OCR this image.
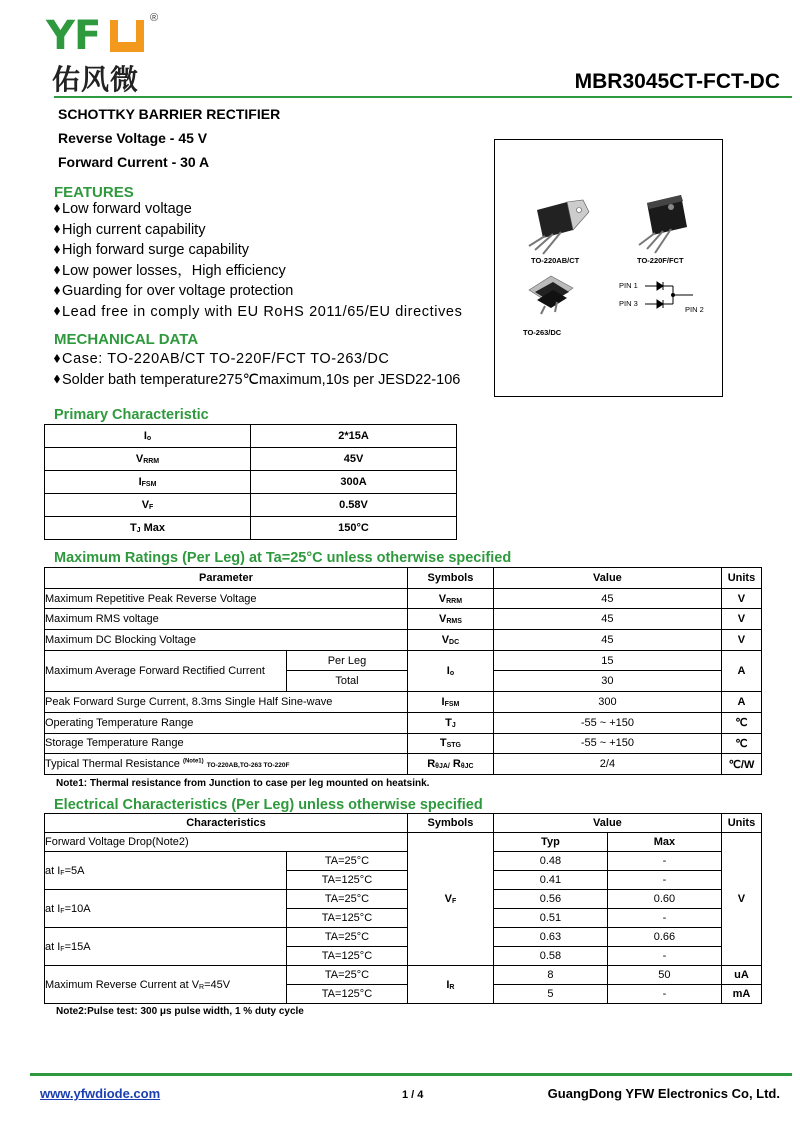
YF	®
佑风微	MBR3045CT-FCT-DC
SCHOTTKY BARRIER RECTIFIER
Reverse Voltage - 45 V
Forward Current - 30 A
FEATURES
Low forward voltage
High current capability
High forward surge capability
Low power losses，High efficiency
Guarding for over voltage protection
Lead free in comply with EU RoHS 2011/65/EU directives
MECHANICAL DATA
Case: TO-220AB/CT TO-220F/FCT TO-263/DC
Solder bath temperature275℃maximum,10s per JESD22-106
TO-220AB/CT	TO-220F/FCT
TO-263/DC
PIN 1
PIN 3
PIN 2
Primary Characteristic
$I_o$	2*15A
$V_{RRM}$	45V
$I_{FSM}$	300A
$V_F$	0.58V
$T_J$ Max	150°C
Maximum Ratings (Per Leg) at Ta=25°C unless otherwise specified
Parameter		Symbols	Value	Units
Maximum Repetitive Peak Reverse Voltage		$V_{RRM}$	45	V
Maximum RMS voltage		$V_{RMS}$	45	V
Maximum DC Blocking Voltage		$V_{DC}$	45	V
Maximum Average Forward Rectified Current	Per Leg	$I_o$	15	A
	Total		30	
Peak Forward Surge Current, 8.3ms Single Half Sine-wave		$I_{FSM}$	300	A
Operating Temperature Range		$T_J$	-55 ~ +150	℃
Storage Temperature Range		$T_{STG}$	-55 ~ +150	℃
Typical Thermal Resistance $^{(Note1)}$ TO-220AB,TO-263 TO-220F		$R_{\theta JA/}$ $R_{\theta JC}$	2/4	℃/W
Note1: Thermal resistance from Junction to case per leg mounted on heatsink.
Electrical Characteristics (Per Leg) unless otherwise specified
Characteristics		Symbols	Value		Units
Forward Voltage Drop(Note2)		$V_F$	Typ	Max	V
at $I_F=5A$	TA=25°C		0.48	-	
	TA=125°C		0.41	-	
at $I_F=10A$	TA=25°C		0.56	0.60	
	TA=125°C		0.51	-	
at $I_F=15A$	TA=25°C		0.63	0.66	
	TA=125°C		0.58	-	
Maximum Reverse Current at $V_R=45V$	TA=25°C	$I_R$	8	50	uA
	TA=125°C		5	-	mA
Note2:Pulse test: 300 μs pulse width, 1 % duty cycle
www.yfwdiode.com	1 / 4	GuangDong YFW Electronics Co, Ltd.
